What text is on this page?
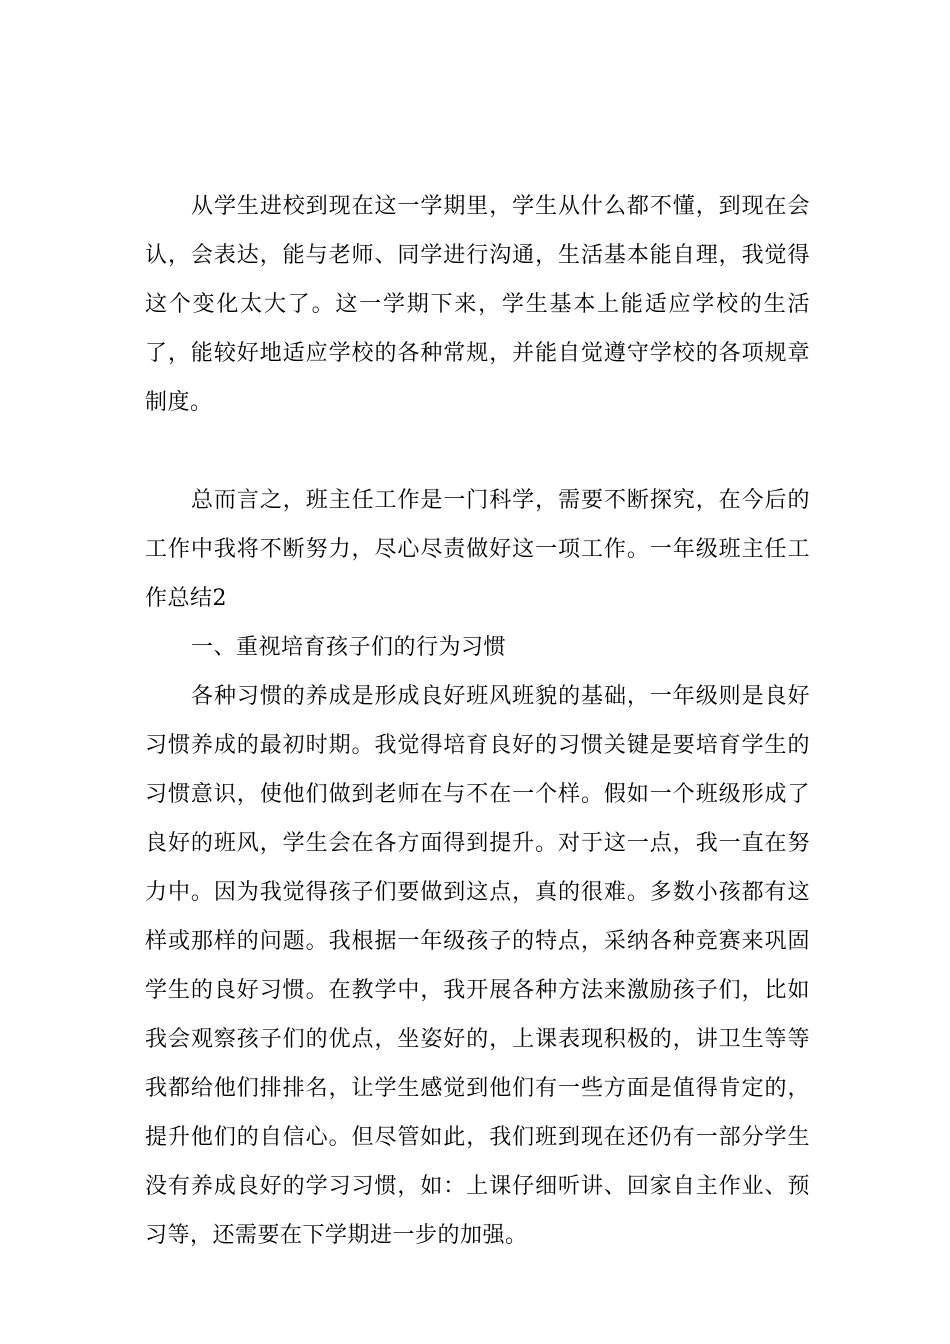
从学生进校到现在这一学期里，学生从什么都不懂，到现在会认，会表达，能与老师、同学进行沟通，生活基本能自理，我觉得这个变化太大了。这一学期下来，学生基本上能适应学校的生活了，能较好地适应学校的各种常规，并能自觉遵守学校的各项规章制度。

总而言之，班主任工作是一门科学，需要不断探究，在今后的工作中我将不断努力，尽心尽责做好这一项工作。一年级班主任工作总结2

一、重视培育孩子们的行为习惯

各种习惯的养成是形成良好班风班貌的基础，一年级则是良好习惯养成的最初时期。我觉得培育良好的习惯关键是要培育学生的习惯意识，使他们做到老师在与不在一个样。假如一个班级形成了良好的班风，学生会在各方面得到提升。对于这一点，我一直在努力中。因为我觉得孩子们要做到这点，真的很难。多数小孩都有这样或那样的问题。我根据一年级孩子的特点，采纳各种竞赛来巩固学生的良好习惯。在教学中，我开展各种方法来激励孩子们，比如我会观察孩子们的优点，坐姿好的，上课表现积极的，讲卫生等等我都给他们排排名，让学生感觉到他们有一些方面是值得肯定的，提升他们的自信心。但尽管如此，我们班到现在还仍有一部分学生没有养成良好的学习习惯，如：上课仔细听讲、回家自主作业、预习等，还需要在下学期进一步的加强。
